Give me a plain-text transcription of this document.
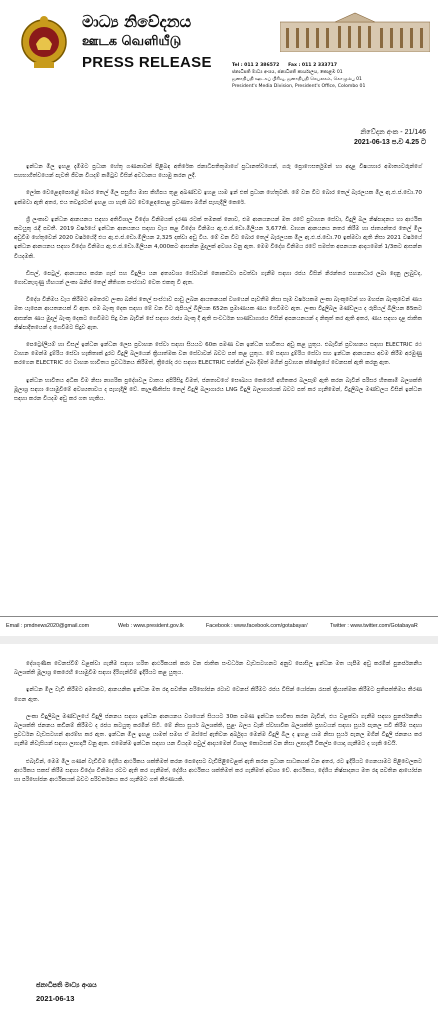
මාධ්‍ය නිවේදනය
ஊடக வெளியீடு
PRESS RELEASE	Tel : 011 2 386572 Fax : 011 2 333717
ජනාධිපති මාධ්‍ය අංශය, ජනාධිපති කාර්යාලය, කොළඹ 01
ஜனாதிபதி ஊடகப் பிரிவு, ஜனாதிபதி செயலகம், கொழும்பு 01
President's Media Division, President's Office, Colombo 01
නිවේදන අංක - 21/146
2021-06-13 ප.ව 4.25 ට

ඉන්ධන මිල ඉහළ දැමීමට ප්‍රධාන හේතු ගණනාවක් පිළිබඳ අතිරේක ජනාධිපතිතුමාගේ ප්‍රධානත්වයෙන්, ගරු ප්‍රොෆෙසර්තුමන් හා අදාළ විෂයභාර අමාත්‍යවරුන්ගේ සහභාගීත්වයෙන් පැවති ජීවන වියදම් කමිටුව විසින් අවධානය යොමු කරන ලදී.

ලෝක වෙළෙඳපොළේ බොර තෙල් මිල පසුගිය මාස කිහිපය තුළ අඛණ්ඩව ඉහළ යාම ඉන් එක් ප්‍රධාන හේතුවකි. මේ වන විට බොර තෙල් බැරලයක මිල ඇ.එ.ජ.ඩො.70 ඉක්මවා ඇති අතර, එය තවදුරටත් ඉහළ යා හැකි බව වෙළෙඳපොළ ප්‍රවණතා මගින් පැහැදිලි කෙරේ.

ශ්‍රී ලංකාව ඉන්ධන ආනයනය සඳහා අතිවිශාල විදේශ විනිමයක් දරණ රටක් තමනක් නොව, එම ආනයනයන් මත රටේ ප්‍රවාහන සේවා, විදුලි බල නිෂ්පාදනය හා ආර්ථික කටයුතු රැඳී පවතී. 2019 වර්ෂයේ ඉන්ධන ආනයනය සඳහා වැය කළ විදේශ විනිමය ඇ.එ.ජ.ඩො.මිලියන 3,677කි. වාහන ආනයනය නතර කිරීම හා ජාත්‍යන්තර තෙල් මිල අඩුවීම හේතුවෙන් 2020 වර්ෂයේදී එය ඇ.එ.ජ.ඩො.මිලියන 2,325 දක්වා අඩු විය. මේ වන විට බොර තෙල් බැරලයක මිල ඇ.එ.ජ.ඩො.70 ඉක්මවා ඇති නිසා 2021 වර්ෂයේ ඉන්ධන ආනයනය සඳහා විදේශ විනිමය ඇ.එ.ජ.ඩො.මිලියන 4,000කට ආසන්න මුදලක් අවශ්‍ය වනු ඇත. මෙම විදේශ විනිමය රටේ සමස්ත අපනයන ආදායමෙන් 1/3කට ආසන්න වියදමකි.

ඩීසල්, පෙට්‍රල්, ආනයනය කරන ගෑස් සහ විදුලිය යන අත්‍යවශ්‍ය සේවාවන් නොකඩවා පවත්වා ගැනීම සඳහා රජය විසින් නිරන්තර සහනාධාර ලබා දෙනු ලැබුවද, ගොඩනැගුණු හිඟයන් ලංකා ඛනිජ තෙල් නීතිගත සංස්ථාව වෙත එකතු වී ඇත.

විදේශ විනිමය වැය කිරීමට අමතරව ලංකා ඛනිජ තෙල් සංස්ථාව පාඩු ලබන ආයතනයක් වශයෙන් පැවතීම නිසා සෑම වර්ෂයකම ලංකා බැංකුවෙන් හා මහජන බැංකුවෙන් ණය මත යැපෙන ආයතනයක් වී ඇත. එම බැංකු දෙක සඳහා මේ වන විට රුපියල් බිලියන 652ක ප්‍රමාණයක ණය ගෙවීමට ඇත. ලංකා විදුලිබල මණ්ඩලය ද රුපියල් බිලියන 85කට ආසන්න ණය මුදල් බැංකු දෙකට ගෙවීමට සිදු වන බැවින් සේ සඳහා රාජ්‍ය බැංකු දී ඇති සංවර්ධන භාණ්ඩාගාරය විසින් අපනයනයන් ද නිකුත් කර ඇති අතර, ණය සඳහා දළ ජාතික නිෂ්පාදිතයෙන් ද ගෙවීමට සිදුව ඇත.

පෙට්‍රෝලියම් හා ඩීසල් ඉන්ධන ඉන්ධන ලෙස ප්‍රවාහන සේවා සඳහා සියයට 60ක පමණ වන ඉන්ධන භාවිතය අඩු කළ යුතුය. එබැවින් ප්‍රවාහනය සඳහා ELECTRIC රථ වාහන මෙන්ම දුම්රිය සේවා හැකිතාක් දුරට විදුලි බලයෙන් ක්‍රියාත්මක වන සේවාවන් බවට පත් කළ යුතුය. මේ සඳහා දුම්රිය සේවා සහ ඉන්ධන ආනයනය අවම කිරීම අරමුණු කරගෙන ELECTRIC රථ වාහන භාවිතය ප්‍රවර්ධනය කිරීමත්, ත්‍රීරෝද රථ සඳහා ELECTRIC එන්ජින් ලබා දීමත් මගින් ප්‍රවාහන ක්ෂේත්‍රයේ වෙනසක් ඇති කරනු ඇත.

ඉන්ධන භාවිතය අධික වීම නිසා නාගරික ප්‍රදේශවල වාතය අපිරිසිදු වීමත්, ජනතාවගේ සෞඛ්‍යය කෙරෙහි අහිතකර බලපෑම් ඇති කරන බැවින් පරිසර හිතකාමී බලශක්ති මූලාශ්‍ර සඳහා යොමුවීමේ අවශ්‍යතාවය ද පැහැදිලි වේ. කැලණිතිස්ස තෙල් විදුලි බලාගාරය LNG විදුලි බලාගාරයක් බවට පත් කර ගැනීමෙන්, විදුලිබල මණ්ඩලය විසින් ඉන්ධන සඳහා කරන වියදම අඩු කර ගත හැකිය.

Email : pmdnews2020@gmail.com	Web : www.president.gov.lk	Facebook : www.facebook.com/gotabayar/	Twitter : www.twitter.com/GotabayaR

දේශගුණික වෙනස්වීම් වළක්වා ගැනීම සඳහා හරිත ආර්ථිකයක් කරා වන ජාතික සංවර්ධන වැඩසටහනට අනුව පොසිල ඉන්ධන මත යැපීම අඩු කරමින් පුනර්ජනනීය බලශක්ති මූලාශ්‍ර කෙරෙහි යොමුවීම සඳහා දිරිගැන්වීම් ඉදිරියට කළ යුතුය.

ඉන්ධන මිල වැඩි කිරීමට අමතරව, ආනයනික ඉන්ධන මත රඳා පවතින පරිභෝජන රටාව වෙනස් කිරීමට රජය විසින් යෝජනා රැසක් ක්‍රියාත්මක කිරීමට ප්‍රතිපත්තිමය තීරණ ගෙන ඇත.

ලංකා විදුලිබල මණ්ඩලයේ විදුලි ජනනය සඳහා ඉන්ධන ආනයනය වශයෙන් සියයට 30ක පමණ ඉන්ධන භාවිතා කරන බැවින්, එය වළක්වා ගැනීම සඳහා පුනර්ජනනීය බලශක්ති ජනනය කඩිනම් කිරීමට ද රජය කටයුතු කරමින් සිටී. මේ නිසා සූර්ය බලශක්ති, සුළං බලය වැනි ස්වභාවික බලශක්ති ප්‍රභවයන් සඳහා සූර්ය පැනල සවි කිරීම සඳහා ප්‍රවර්ධන වැඩසටහන් ආරම්භ කර ඇත. ඉන්ධන මිල ඉහළ යාමත් සමඟ ඒ ඔස්සේ ඇතිවන අර්බුදය මෙන්ම විදුලි බිල ද ඉහළ යාම නිසා සූර්ය පැනල මගින් විදුලි ජනනය කර ගැනීම නිවැසියන් සඳහා ලාභදායී වනු ඇත. එමෙන්ම ඉන්ධන සඳහා යන වියදම පවුල් ආදායමෙන් විශාල කොටසක් වන නිසා ලාභදායී විකල්ප යොදා ගැනීමට ද හැකි වෙයි.

එබැවින්, මෙම මිල ගණන් වැඩිවීම දේශීය ආර්ථිකය ශක්තිමත් කරන පෙදෙසට වැඩිපිළිවෙළක් ඇති කරන ප්‍රධාන සාධකයක් වන අතර, රට ඉදිරියට ගෙනයාමට පිළිවෙලකට ආර්ථිකය සකස් කිරීම සඳහා විදේශ විනිමය රටට ඇති කර ගැනීමත්, දේශීය ආර්ථිකය ශක්තිමත් කර ගැනීමත් අවශ්‍ය වේ. ආර්ථිකය, දේශීය නිෂ්පාදනය මත රඳා පවතින ආයෝජන හා පරිභෝජන ආර්ථිකයක් බවට පරිවර්තනය කර ගැනීමට ගත් තීරණයකි.

ජනාධිපති මාධ්‍ය අංශය
2021-06-13
